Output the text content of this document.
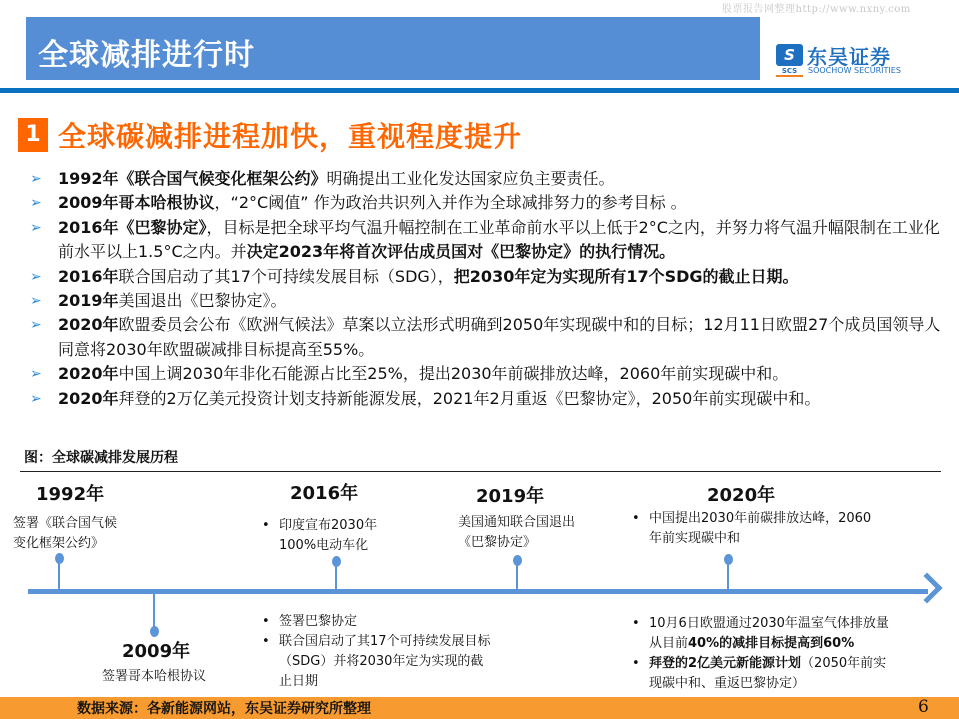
股票报告网整理http://www.nxny.com
全球减排进行时	S
SCS
东吴证券
SOOCHOW SECURITIES
1 全球碳减排进程加快，重视程度提升
➢ 1992年《联合国气候变化框架公约》明确提出工业化发达国家应负主要责任。
➢ 2009年哥本哈根协议，“2°C阈值” 作为政治共识列入并作为全球减排努力的参考目标 。
➢ 2016年《巴黎协定》，目标是把全球平均气温升幅控制在工业革命前水平以上低于2°C之内，并努力将气温升幅限制在工业化前水平以上1.5°C之内。并决定2023年将首次评估成员国对《巴黎协定》的执行情况。
➢ 2016年联合国启动了其17个可持续发展目标（SDG），把2030年定为实现所有17个SDG的截止日期。
➢ 2019年美国退出《巴黎协定》。
➢ 2020年欧盟委员会公布《欧洲气候法》草案以立法形式明确到2050年实现碳中和的目标；12月11日欧盟27个成员国领导人同意将2030年欧盟碳减排目标提高至55%。
➢ 2020年中国上调2030年非化石能源占比至25%，提出2030年前碳排放达峰，2060年前实现碳中和。
➢ 2020年拜登的2万亿美元投资计划支持新能源发展，2021年2月重返《巴黎协定》，2050年前实现碳中和。
图：全球碳减排发展历程
1992年
签署《联合国气候
变化框架公约》
2009年
签署哥本哈根协议
2016年
• 印度宣布2030年100%电动车化
• 签署巴黎协定
• 联合国启动了其17个可持续发展目标（SDG）并将2030年定为实现的截止日期
2019年
美国通知联合国退出
《巴黎协定》
2020年
• 中国提出2030年前碳排放达峰，2060年前实现碳中和
• 10月6日欧盟通过2030年温室气体排放量从目前40%的减排目标提高到60%
• 拜登的2亿美元新能源计划（2050年前实现碳中和、重返巴黎协定）
数据来源：各新能源网站，东吴证券研究所整理	6
